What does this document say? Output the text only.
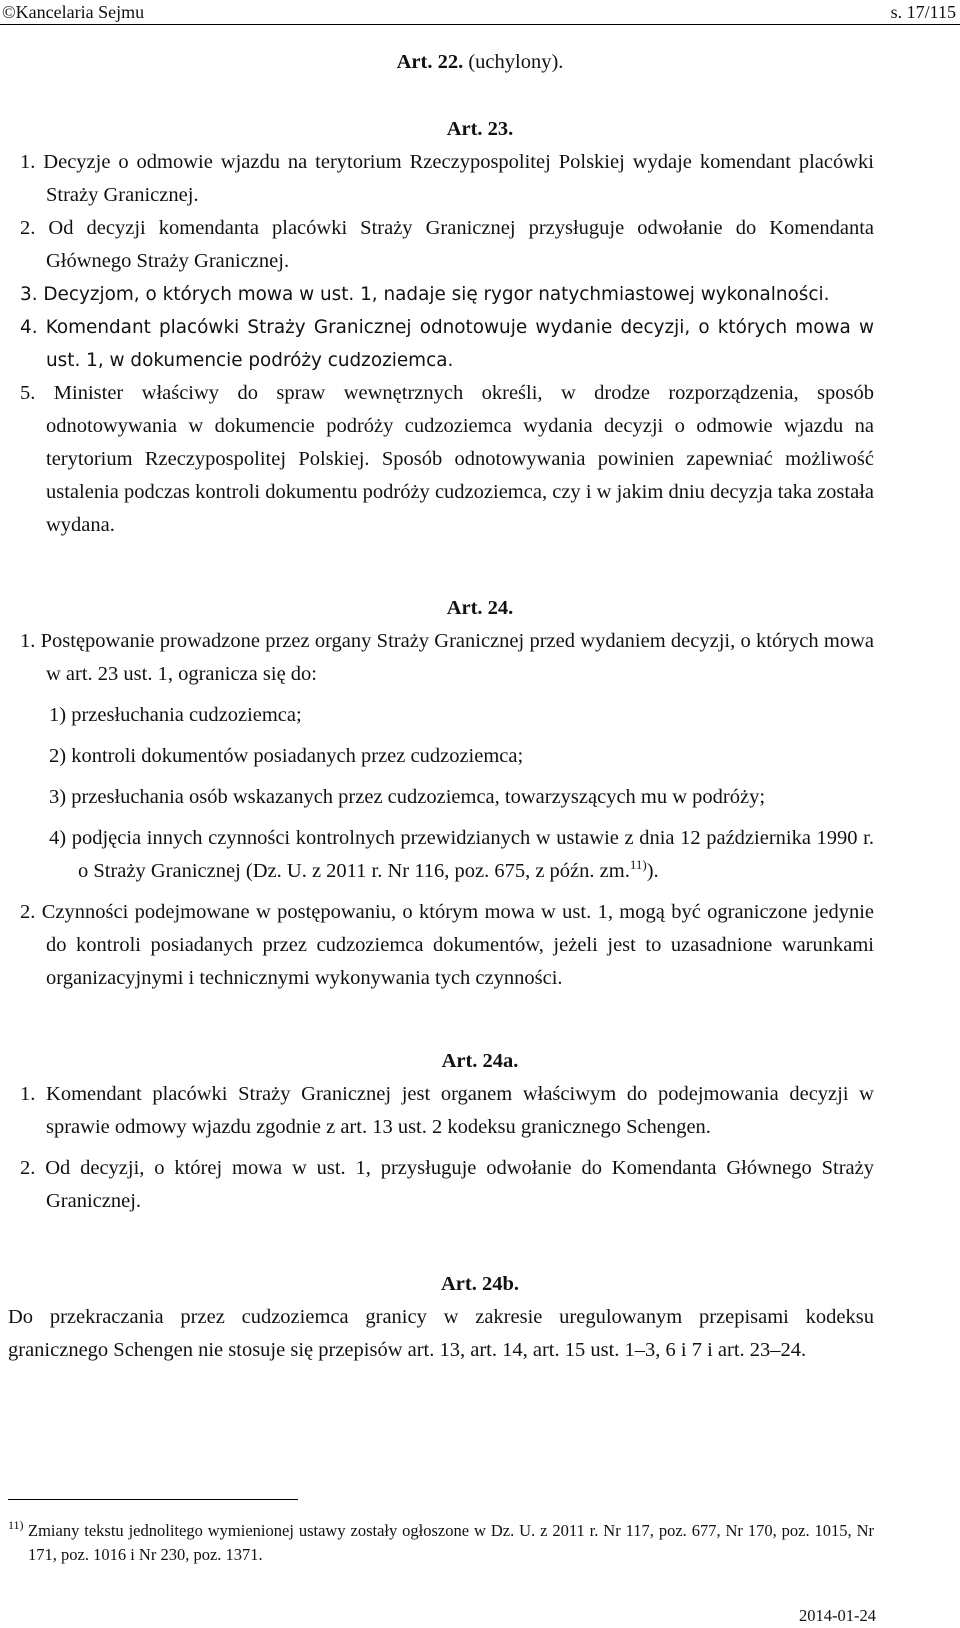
©Kancelaria Sejmu	s. 17/115
Art. 22. (uchylony).
Art. 23.

1. Decyzje o odmowie wjazdu na terytorium Rzeczypospolitej Polskiej wydaje komendant placówki Straży Granicznej.

2. Od decyzji komendanta placówki Straży Granicznej przysługuje odwołanie do Komendanta Głównego Straży Granicznej.

3. Decyzjom, o których mowa w ust. 1, nadaje się rygor natychmiastowej wykonalności.

4. Komendant placówki Straży Granicznej odnotowuje wydanie decyzji, o których mowa w ust. 1, w dokumencie podróży cudzoziemca.

5. Minister właściwy do spraw wewnętrznych określi, w drodze rozporządzenia, sposób odnotowywania w dokumencie podróży cudzoziemca wydania decyzji o odmowie wjazdu na terytorium Rzeczypospolitej Polskiej. Sposób odnotowywania powinien zapewniać możliwość ustalenia podczas kontroli dokumentu podróży cudzoziemca, czy i w jakim dniu decyzja taka została wydana.

Art. 24.

1. Postępowanie prowadzone przez organy Straży Granicznej przed wydaniem decyzji, o których mowa w art. 23 ust. 1, ogranicza się do:

1) przesłuchania cudzoziemca;

2) kontroli dokumentów posiadanych przez cudzoziemca;

3) przesłuchania osób wskazanych przez cudzoziemca, towarzyszących mu w podróży;

4) podjęcia innych czynności kontrolnych przewidzianych w ustawie z dnia 12 października 1990 r. o Straży Granicznej (Dz. U. z 2011 r. Nr 116, poz. 675, z późn. zm.$^{11)}$).

2. Czynności podejmowane w postępowaniu, o którym mowa w ust. 1, mogą być ograniczone jedynie do kontroli posiadanych przez cudzoziemca dokumentów, jeżeli jest to uzasadnione warunkami organizacyjnymi i technicznymi wykonywania tych czynności.

Art. 24a.

1. Komendant placówki Straży Granicznej jest organem właściwym do podejmowania decyzji w sprawie odmowy wjazdu zgodnie z art. 13 ust. 2 kodeksu granicznego Schengen.

2. Od decyzji, o której mowa w ust. 1, przysługuje odwołanie do Komendanta Głównego Straży Granicznej.

Art. 24b.

Do przekraczania przez cudzoziemca granicy w zakresie uregulowanym przepisami kodeksu granicznego Schengen nie stosuje się przepisów art. 13, art. 14, art. 15 ust. 1–3, 6 i 7 i art. 23–24.

11) Zmiany tekstu jednolitego wymienionej ustawy zostały ogłoszone w Dz. U. z 2011 r. Nr 117, poz. 677, Nr 170, poz. 1015, Nr 171, poz. 1016 i Nr 230, poz. 1371.
2014-01-24
